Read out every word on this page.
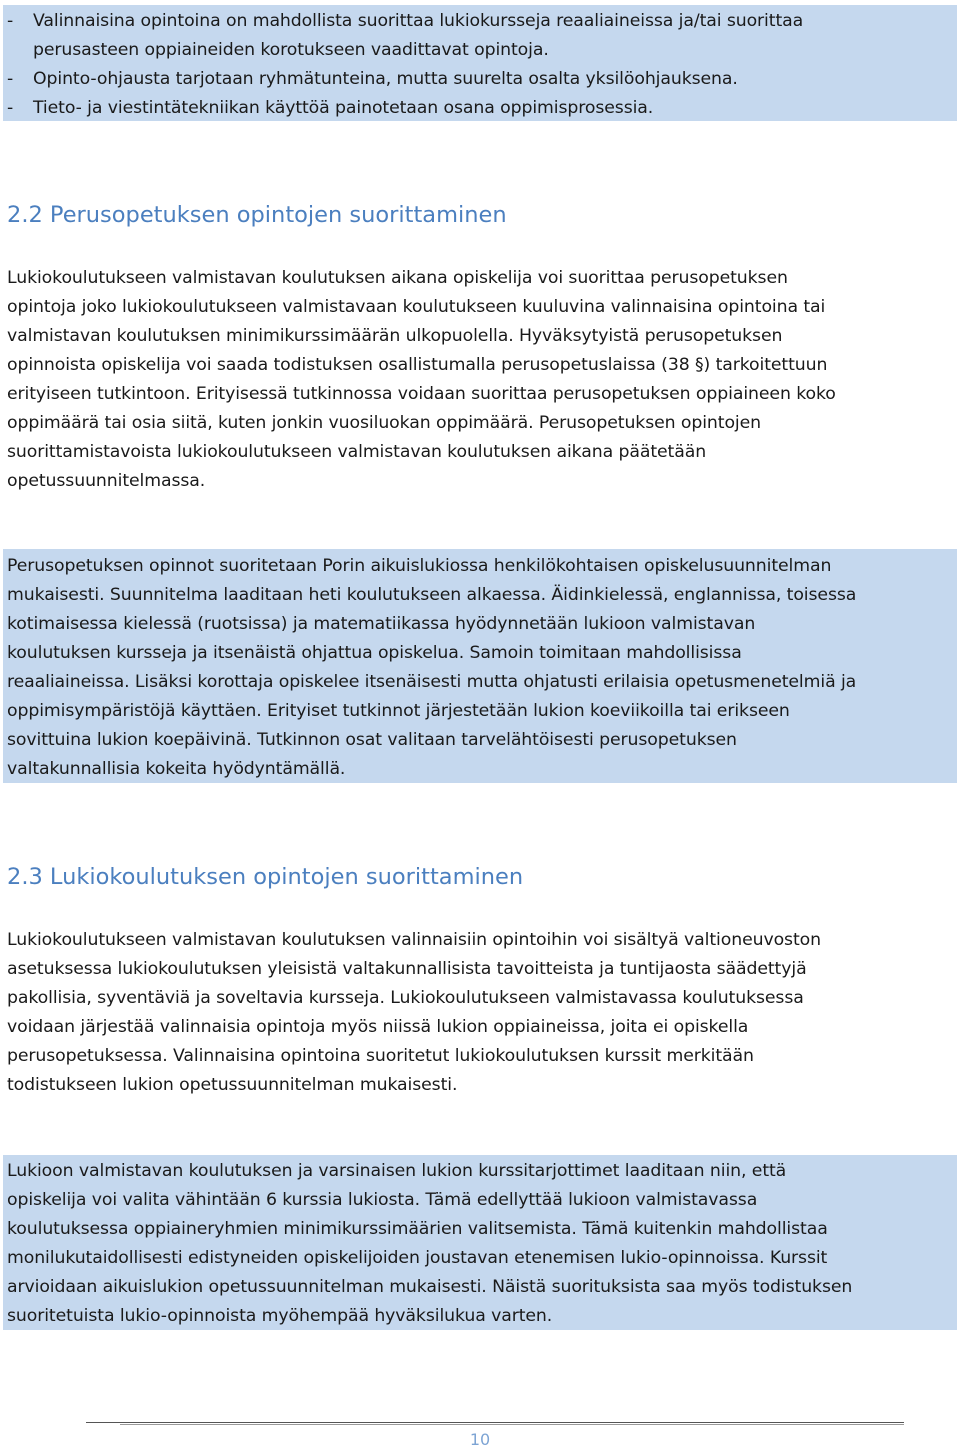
- Valinnaisina opintoina on mahdollista suorittaa lukiokursseja reaaliaineissa ja/tai suorittaa
perusasteen oppiaineiden korotukseen vaadittavat opintoja.
- Opinto-ohjausta tarjotaan ryhmätunteina, mutta suurelta osalta yksilöohjauksena.
- Tieto- ja viestintätekniikan käyttöä painotetaan osana oppimisprosessia.
2.2 Perusopetuksen opintojen suorittaminen
Lukiokoulutukseen valmistavan koulutuksen aikana opiskelija voi suorittaa perusopetuksen
opintoja joko lukiokoulutukseen valmistavaan koulutukseen kuuluvina valinnaisina opintoina tai
valmistavan koulutuksen minimikurssimäärän ulkopuolella. Hyväksytyistä perusopetuksen
opinnoista opiskelija voi saada todistuksen osallistumalla perusopetuslaissa (38 §) tarkoitettuun
erityiseen tutkintoon. Erityisessä tutkinnossa voidaan suorittaa perusopetuksen oppiaineen koko
oppimäärä tai osia siitä, kuten jonkin vuosiluokan oppimäärä. Perusopetuksen opintojen
suorittamistavoista lukiokoulutukseen valmistavan koulutuksen aikana päätetään
opetussuunnitelmassa.
Perusopetuksen opinnot suoritetaan Porin aikuislukiossa henkilökohtaisen opiskelusuunnitelman
mukaisesti. Suunnitelma laaditaan heti koulutukseen alkaessa. Äidinkielessä, englannissa, toisessa
kotimaisessa kielessä (ruotsissa) ja matematiikassa hyödynnetään lukioon valmistavan
koulutuksen kursseja ja itsenäistä ohjattua opiskelua. Samoin toimitaan mahdollisissa
reaaliaineissa. Lisäksi korottaja opiskelee itsenäisesti mutta ohjatusti erilaisia opetusmenetelmiä ja
oppimisympäristöjä käyttäen. Erityiset tutkinnot järjestetään lukion koeviikoilla tai erikseen
sovittuina lukion koepäivinä. Tutkinnon osat valitaan tarvelähtöisesti perusopetuksen
valtakunnallisia kokeita hyödyntämällä.
2.3 Lukiokoulutuksen opintojen suorittaminen
Lukiokoulutukseen valmistavan koulutuksen valinnaisiin opintoihin voi sisältyä valtioneuvoston
asetuksessa lukiokoulutuksen yleisistä valtakunnallisista tavoitteista ja tuntijaosta säädettyjä
pakollisia, syventäviä ja soveltavia kursseja. Lukiokoulutukseen valmistavassa koulutuksessa
voidaan järjestää valinnaisia opintoja myös niissä lukion oppiaineissa, joita ei opiskella
perusopetuksessa. Valinnaisina opintoina suoritetut lukiokoulutuksen kurssit merkitään
todistukseen lukion opetussuunnitelman mukaisesti.
Lukioon valmistavan koulutuksen ja varsinaisen lukion kurssitarjottimet laaditaan niin, että
opiskelija voi valita vähintään 6 kurssia lukiosta. Tämä edellyttää lukioon valmistavassa
koulutuksessa oppiaineryhmien minimikurssimäärien valitsemista. Tämä kuitenkin mahdollistaa
monilukutaidollisesti edistyneiden opiskelijoiden joustavan etenemisen lukio-opinnoissa. Kurssit
arvioidaan aikuislukion opetussuunnitelman mukaisesti. Näistä suorituksista saa myös todistuksen
suoritetuista lukio-opinnoista myöhempää hyväksilukua varten.
10
